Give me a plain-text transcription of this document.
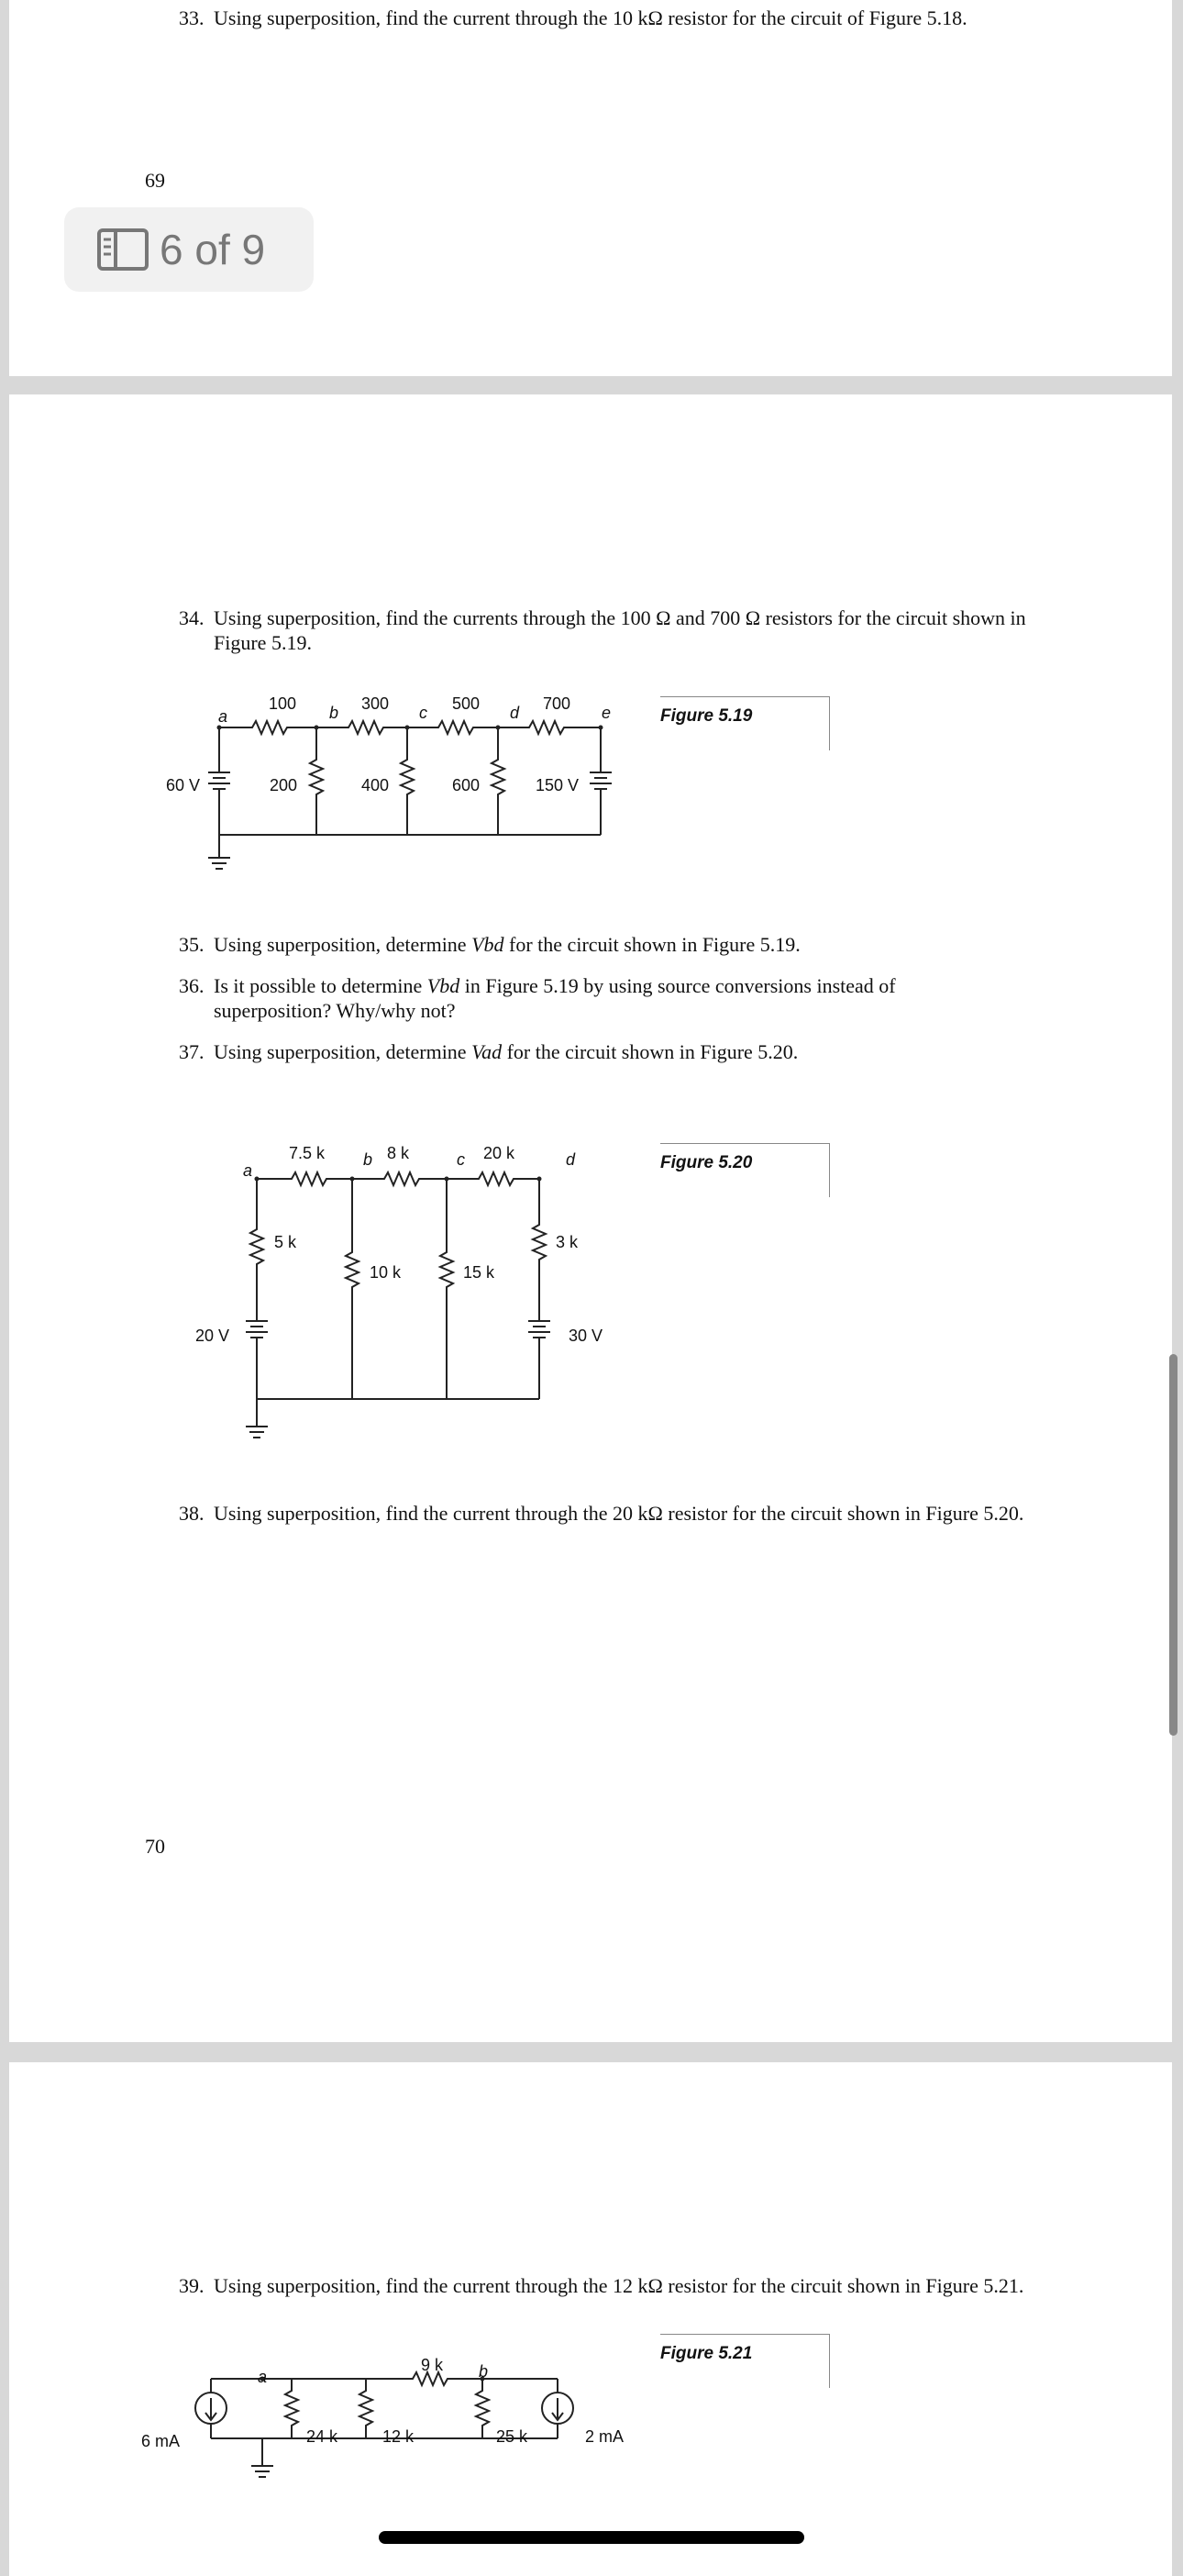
33. Using superposition, find the current through the 10 kΩ resistor for the circuit of Figure 5.18.
69
6 of 9
34. Using superposition, find the currents through the 100 Ω and 700 Ω resistors for the circuit shown in Figure 5.19.
100	300	500	700
a	b	c	d	e
60 V	200	400	600	150 V
7.5 k	8 k	20 k
a
b	c	d
5 k
10 k	15 k
3 k
20 V	30 V
Figure 5.19
35. Using superposition, determine Vbd for the circuit shown in Figure 5.19.
36. Is it possible to determine Vbd in Figure 5.19 by using source conversions instead of superposition? Why/why not?
37. Using superposition, determine Vad for the circuit shown in Figure 5.20.
Figure 5.20
38. Using superposition, find the current through the 20 kΩ resistor for the circuit shown in Figure 5.20.
70
39. Using superposition, find the current through the 12 kΩ resistor for the circuit shown in Figure 5.21.
Figure 5.21
6 mA	24 k	12 k
9 k
25 k	2 mA
a	b
